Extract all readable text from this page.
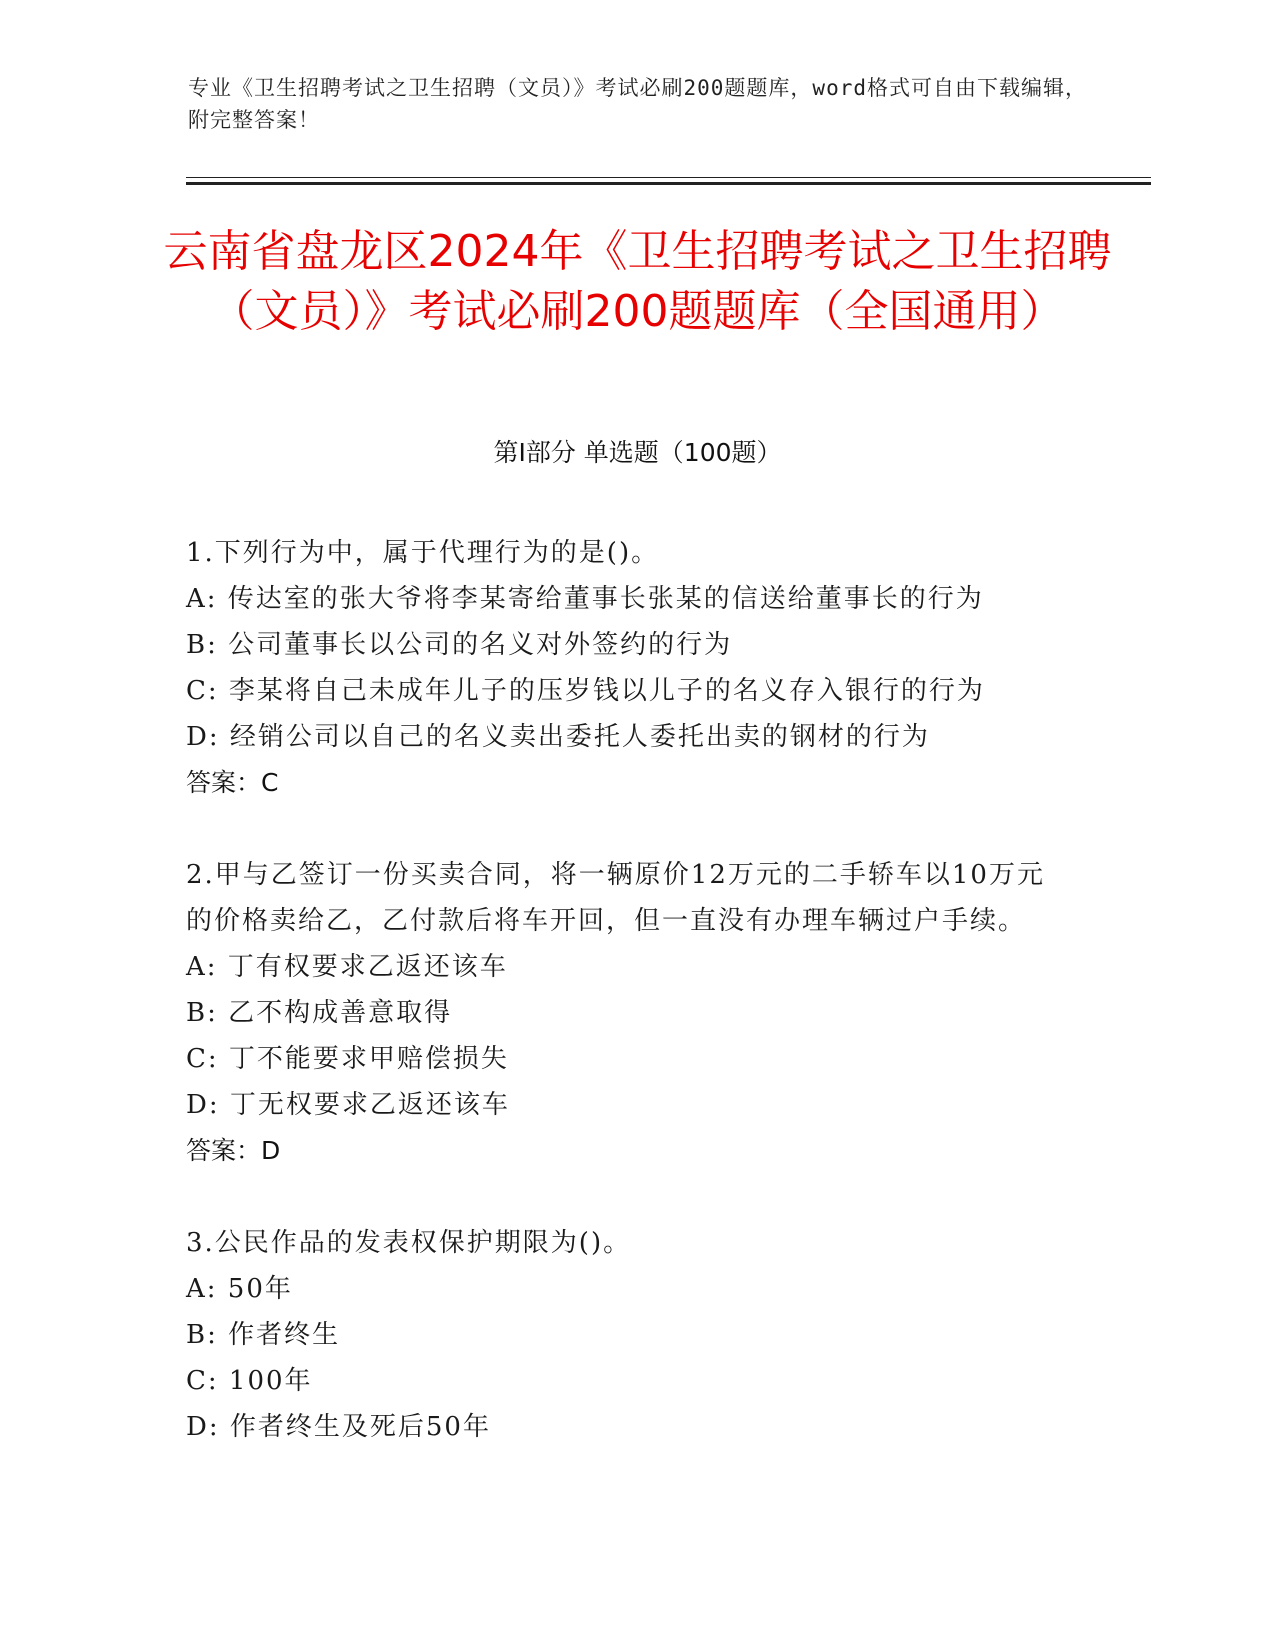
专业《卫生招聘考试之卫生招聘（文员）》考试必刷200题题库，word格式可自由下载编辑，附完整答案！
云南省盘龙区2024年《卫生招聘考试之卫生招聘（文员）》考试必刷200题题库（全国通用）
第Ⅰ部分 单选题（100题）
1.下列行为中，属于代理行为的是()。
A: 传达室的张大爷将李某寄给董事长张某的信送给董事长的行为
B: 公司董事长以公司的名义对外签约的行为
C: 李某将自己未成年儿子的压岁钱以儿子的名义存入银行的行为
D: 经销公司以自己的名义卖出委托人委托出卖的钢材的行为
答案：C
2.甲与乙签订一份买卖合同，将一辆原价12万元的二手轿车以10万元的价格卖给乙，乙付款后将车开回，但一直没有办理车辆过户手续。
A: 丁有权要求乙返还该车
B: 乙不构成善意取得
C: 丁不能要求甲赔偿损失
D: 丁无权要求乙返还该车
答案：D
3.公民作品的发表权保护期限为()。
A: 50年
B: 作者终生
C: 100年
D: 作者终生及死后50年
